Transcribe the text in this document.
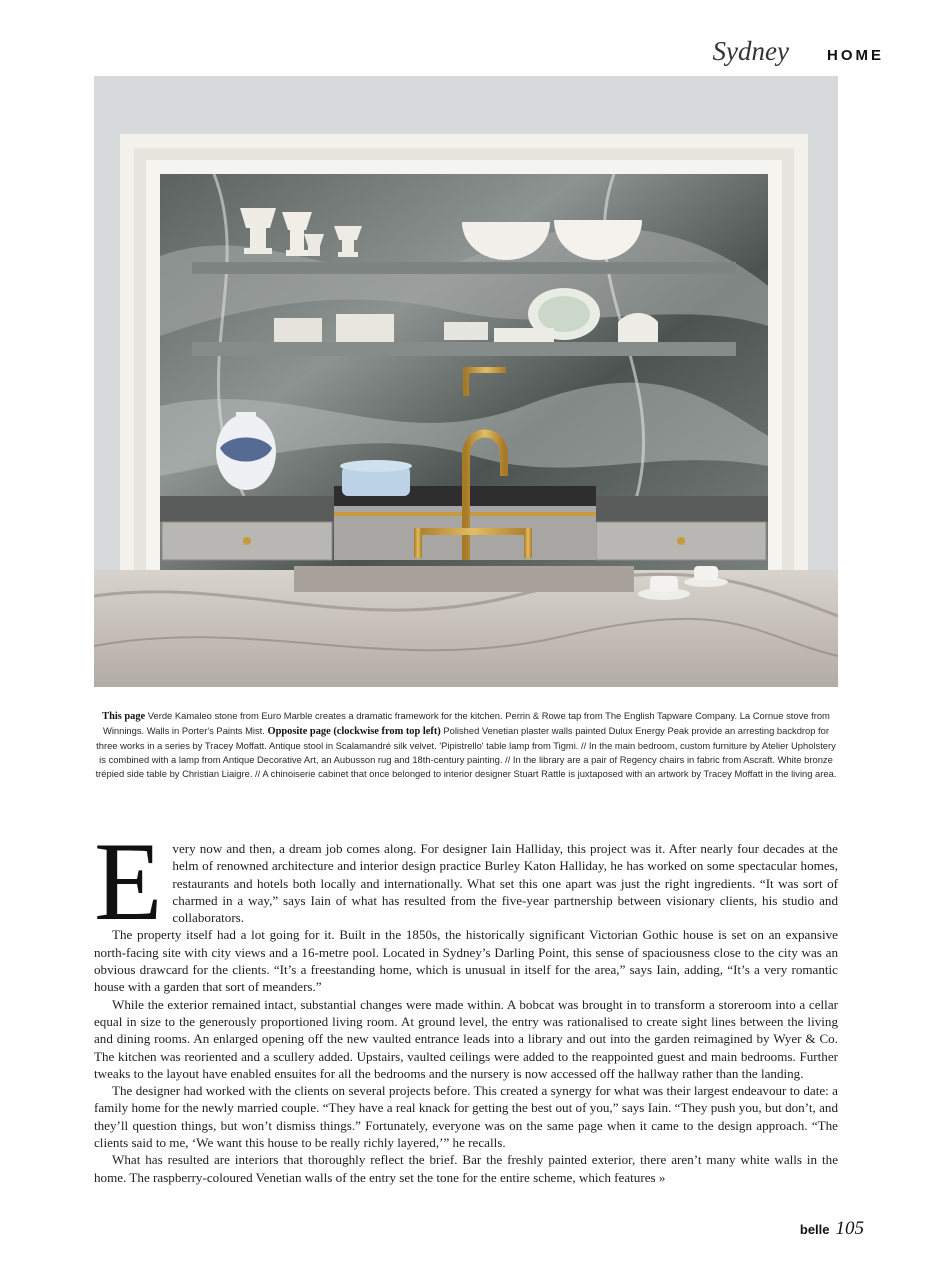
Sydney	HOME
This page Verde Kamaleo stone from Euro Marble creates a dramatic framework for the kitchen. Perrin & Rowe tap from The English Tapware Company. La Cornue stove from Winnings. Walls in Porter's Paints Mist. Opposite page (clockwise from top left) Polished Venetian plaster walls painted Dulux Energy Peak provide an arresting backdrop for three works in a series by Tracey Moffatt. Antique stool in Scalamandré silk velvet. 'Pipistrello' table lamp from Tigmi. // In the main bedroom, custom furniture by Atelier Upholstery is combined with a lamp from Antique Decorative Art, an Aubusson rug and 18th-century painting. // In the library are a pair of Regency chairs in fabric from Ascraft. White bronze trépied side table by Christian Liaigre. // A chinoiserie cabinet that once belonged to interior designer Stuart Rattle is juxtaposed with an artwork by Tracey Moffatt in the living area.

Every now and then, a dream job comes along. For designer Iain Halliday, this project was it. After nearly four decades at the helm of renowned architecture and interior design practice Burley Katon Halliday, he has worked on some spectacular homes, restaurants and hotels both locally and internationally. What set this one apart was just the right ingredients. “It was sort of charmed in a way,” says Iain of what has resulted from the five-year partnership between visionary clients, his studio and collaborators.

The property itself had a lot going for it. Built in the 1850s, the historically significant Victorian Gothic house is set on an expansive north-facing site with city views and a 16-metre pool. Located in Sydney’s Darling Point, this sense of spaciousness close to the city was an obvious drawcard for the clients. “It’s a freestanding home, which is unusual in itself for the area,” says Iain, adding, “It’s a very romantic house with a garden that sort of meanders.”

While the exterior remained intact, substantial changes were made within. A bobcat was brought in to transform a storeroom into a cellar equal in size to the generously proportioned living room. At ground level, the entry was rationalised to create sight lines between the living and dining rooms. An enlarged opening off the new vaulted entrance leads into a library and out into the garden reimagined by Wyer & Co. The kitchen was reoriented and a scullery added. Upstairs, vaulted ceilings were added to the reappointed guest and main bedrooms. Further tweaks to the layout have enabled ensuites for all the bedrooms and the nursery is now accessed off the hallway rather than the landing.

The designer had worked with the clients on several projects before. This created a synergy for what was their largest endeavour to date: a family home for the newly married couple. “They have a real knack for getting the best out of you,” says Iain. “They push you, but don’t, and they’ll question things, but won’t dismiss things.” Fortunately, everyone was on the same page when it came to the design approach. “The clients said to me, ‘We want this house to be really richly layered,’” he recalls.

What has resulted are interiors that thoroughly reflect the brief. Bar the freshly painted exterior, there aren’t many white walls in the home. The raspberry-coloured Venetian walls of the entry set the tone for the entire scheme, which features »

belle 105
